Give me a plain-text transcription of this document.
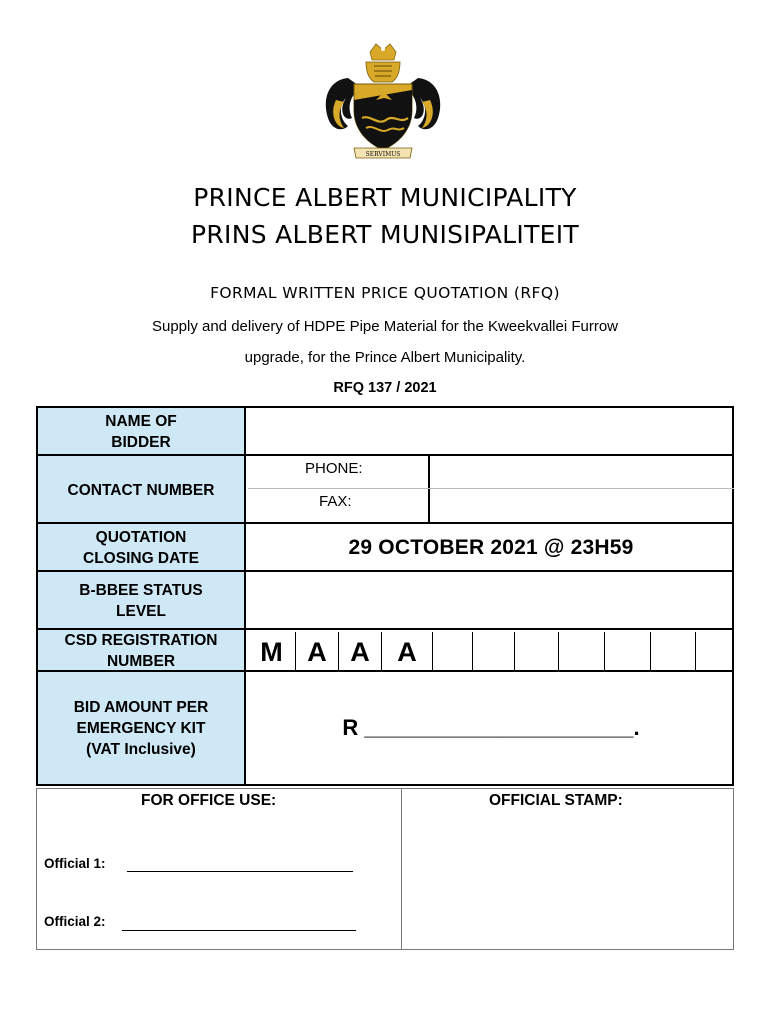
SERVIMUS
PRINCE ALBERT MUNICIPALITY
PRINS ALBERT MUNISIPALITEIT
FORMAL WRITTEN PRICE QUOTATION (RFQ)
Supply and delivery of HDPE Pipe Material for the Kweekvallei Furrow
upgrade, for the Prince Albert Municipality.
RFQ 137 / 2021
NAME OF
BIDDER
CONTACT NUMBER
QUOTATION
CLOSING DATE
B-BBEE STATUS
LEVEL
CSD REGISTRATION
NUMBER
BID AMOUNT PER
EMERGENCY KIT
(VAT Inclusive)
PHONE:
FAX:
29 OCTOBER 2021 @ 23H59
M A A	A
R ______________________.
FOR OFFICE USE:	OFFICIAL STAMP:
Official 1:
Official 2:
